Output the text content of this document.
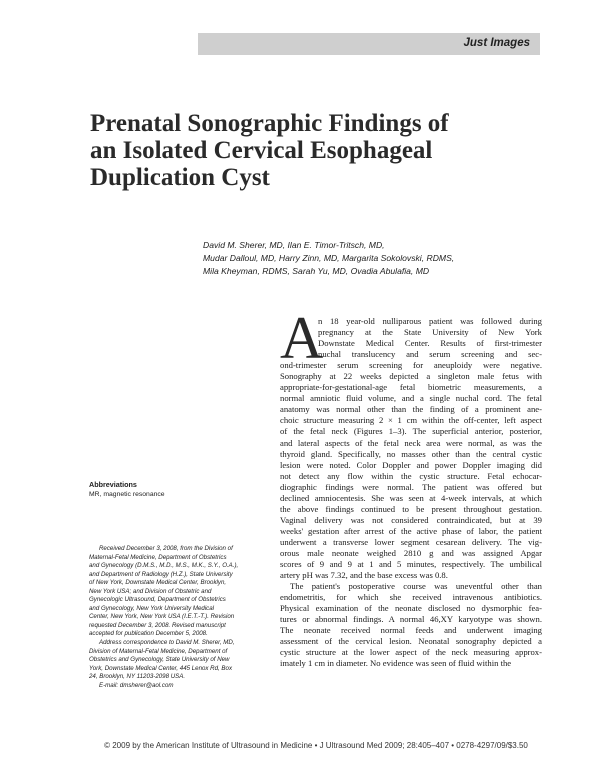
Just Images
Prenatal Sonographic Findings of
an Isolated Cervical Esophageal
Duplication Cyst
David M. Sherer, MD, Ilan E. Timor-Tritsch, MD,
Mudar Dalloul, MD, Harry Zinn, MD, Margarita Sokolovski, RDMS,
Mila Kheyman, RDMS, Sarah Yu, MD, Ovadia Abulafia, MD
Abbreviations
MR, magnetic resonance
Received December 3, 2008, from the Division of
Maternal-Fetal Medicine, Department of Obstetrics
and Gynecology (D.M.S., M.D., M.S., M.K., S.Y., O.A.),
and Department of Radiology (H.Z.), State University
of New York, Downstate Medical Center, Brooklyn,
New York USA; and Division of Obstetric and
Gynecologic Ultrasound, Department of Obstetrics
and Gynecology, New York University Medical
Center, New York, New York USA (I.E.T.-T.). Revision
requested December 3, 2008. Revised manuscript
accepted for publication December 5, 2008.
Address correspondence to David M. Sherer, MD,
Division of Maternal-Fetal Medicine, Department of
Obstetrics and Gynecology, State University of New
York, Downstate Medical Center, 445 Lenox Rd, Box
24, Brooklyn, NY 11203-2098 USA.
E-mail: dmsherer@aol.com
A
n 18 year-old nulliparous patient was followed during
pregnancy at the State University of New York
Downstate Medical Center. Results of first-trimester
nuchal translucency and serum screening and sec-
ond-trimester serum screening for aneuploidy were negative.
Sonography at 22 weeks depicted a singleton male fetus with
appropriate-for-gestational-age fetal biometric measurements, a
normal amniotic fluid volume, and a single nuchal cord. The fetal
anatomy was normal other than the finding of a prominent ane-
choic structure measuring 2 × 1 cm within the off-center, left aspect
of the fetal neck (Figures 1–3). The superficial anterior, posterior,
and lateral aspects of the fetal neck area were normal, as was the
thyroid gland. Specifically, no masses other than the central cystic
lesion were noted. Color Doppler and power Doppler imaging did
not detect any flow within the cystic structure. Fetal echocar-
diographic findings were normal. The patient was offered but
declined amniocentesis. She was seen at 4-week intervals, at which
the above findings continued to be present throughout gestation.
Vaginal delivery was not considered contraindicated, but at 39
weeks' gestation after arrest of the active phase of labor, the patient
underwent a transverse lower segment cesarean delivery. The vig-
orous male neonate weighed 2810 g and was assigned Apgar
scores of 9 and 9 at 1 and 5 minutes, respectively. The umbilical
artery pH was 7.32, and the base excess was 0.8.
The patient's postoperative course was uneventful other than
endometritis, for which she received intravenous antibiotics.
Physical examination of the neonate disclosed no dysmorphic fea-
tures or abnormal findings. A normal 46,XY karyotype was shown.
The neonate received normal feeds and underwent imaging
assessment of the cervical lesion. Neonatal sonography depicted a
cystic structure at the lower aspect of the neck measuring approx-
imately 1 cm in diameter. No evidence was seen of fluid within the
© 2009 by the American Institute of Ultrasound in Medicine • J Ultrasound Med 2009; 28:405–407 • 0278-4297/09/$3.50
